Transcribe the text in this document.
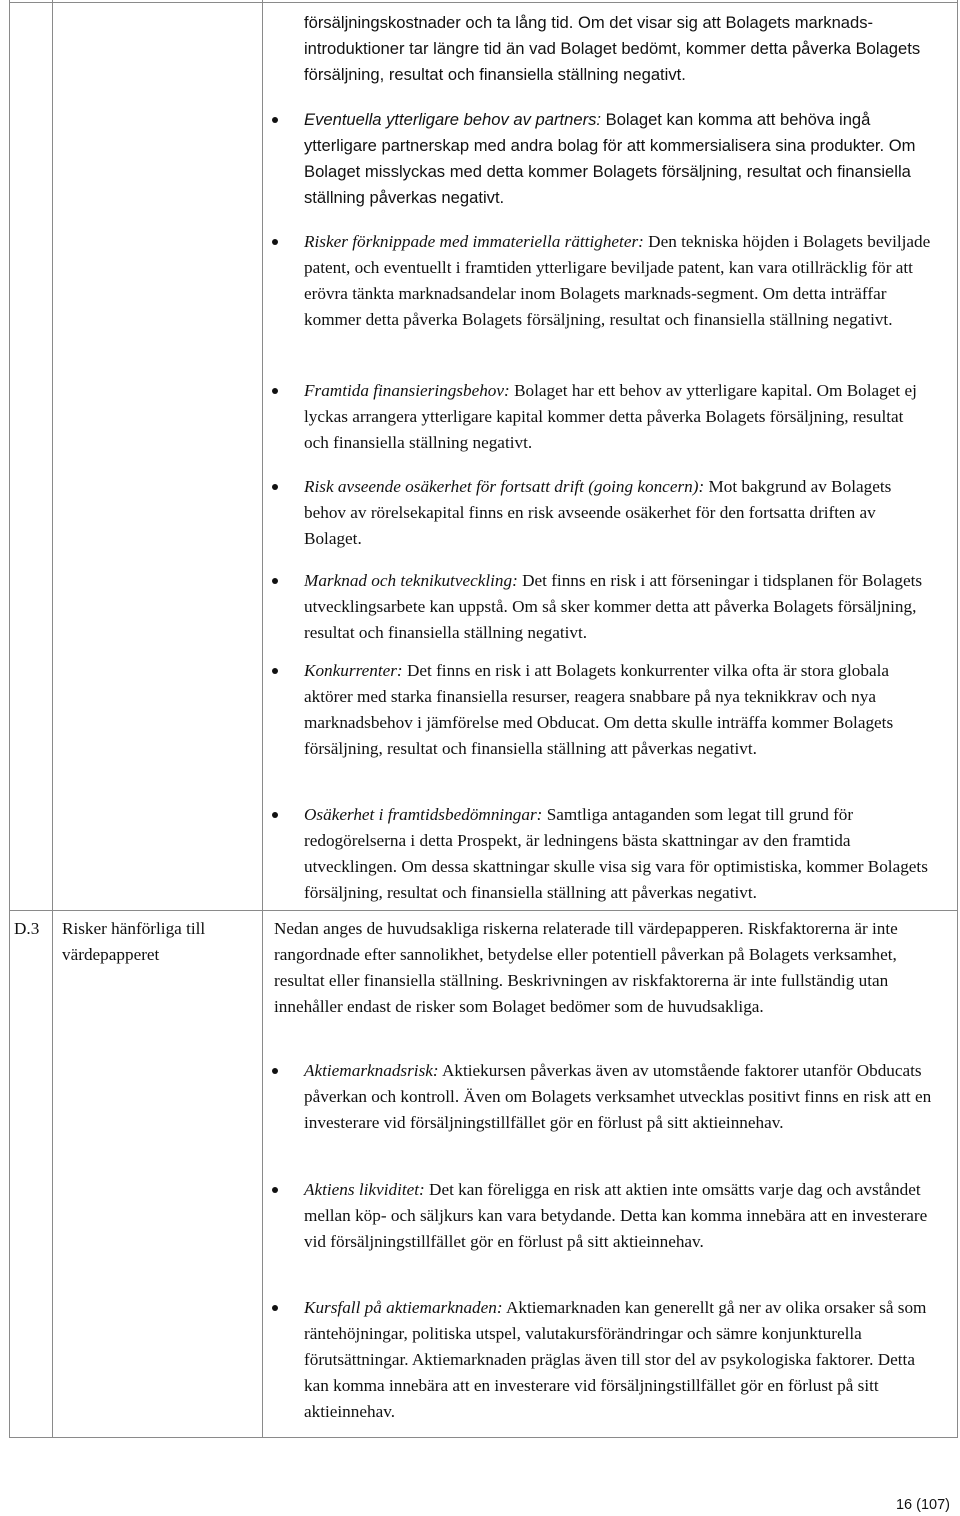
försäljningskostnader och ta lång tid. Om det visar sig att Bolagets marknads-introduktioner tar längre tid än vad Bolaget bedömt, kommer detta påverka Bolagets försäljning, resultat och finansiella ställning negativt.

Eventuella ytterligare behov av partners: Bolaget kan komma att behöva ingå ytterligare partnerskap med andra bolag för att kommersialisera sina produkter. Om Bolaget misslyckas med detta kommer Bolagets försäljning, resultat och finansiella ställning påverkas negativt.

Risker förknippade med immateriella rättigheter: Den tekniska höjden i Bolagets beviljade patent, och eventuellt i framtiden ytterligare beviljade patent, kan vara otillräcklig för att erövra tänkta marknadsandelar inom Bolagets marknads-segment. Om detta inträffar kommer detta påverka Bolagets försäljning, resultat och finansiella ställning negativt.

Framtida finansieringsbehov: Bolaget har ett behov av ytterligare kapital. Om Bolaget ej lyckas arrangera ytterligare kapital kommer detta påverka Bolagets försäljning, resultat och finansiella ställning negativt.

Risk avseende osäkerhet för fortsatt drift (going koncern): Mot bakgrund av Bolagets behov av rörelsekapital finns en risk avseende osäkerhet för den fortsatta driften av Bolaget.

Marknad och teknikutveckling: Det finns en risk i att förseningar i tidsplanen för Bolagets utvecklingsarbete kan uppstå. Om så sker kommer detta att påverka Bolagets försäljning, resultat och finansiella ställning negativt.

Konkurrenter: Det finns en risk i att Bolagets konkurrenter vilka ofta är stora globala aktörer med starka finansiella resurser, reagera snabbare på nya teknikkrav och nya marknadsbehov i jämförelse med Obducat. Om detta skulle inträffa kommer Bolagets försäljning, resultat och finansiella ställning att påverkas negativt.

Osäkerhet i framtidsbedömningar: Samtliga antaganden som legat till grund för redogörelserna i detta Prospekt, är ledningens bästa skattningar av den framtida utvecklingen. Om dessa skattningar skulle visa sig vara för optimistiska, kommer Bolagets försäljning, resultat och finansiella ställning att påverkas negativt.

D.3 Risker hänförliga till värdepapperet

Nedan anges de huvudsakliga riskerna relaterade till värdepapperen. Riskfaktorerna är inte rangordnade efter sannolikhet, betydelse eller potentiell påverkan på Bolagets verksamhet, resultat eller finansiella ställning. Beskrivningen av riskfaktorerna är inte fullständig utan innehåller endast de risker som Bolaget bedömer som de huvudsakliga.

Aktiemarknadsrisk: Aktiekursen påverkas även av utomstående faktorer utanför Obducats påverkan och kontroll. Även om Bolagets verksamhet utvecklas positivt finns en risk att en investerare vid försäljningstillfället gör en förlust på sitt aktieinnehav.

Aktiens likviditet: Det kan föreligga en risk att aktien inte omsätts varje dag och avståndet mellan köp- och säljkurs kan vara betydande. Detta kan komma innebära att en investerare vid försäljningstillfället gör en förlust på sitt aktieinnehav.

Kursfall på aktiemarknaden: Aktiemarknaden kan generellt gå ner av olika orsaker så som räntehöjningar, politiska utspel, valutakursförändringar och sämre konjunkturella förutsättningar. Aktiemarknaden präglas även till stor del av psykologiska faktorer. Detta kan komma innebära att en investerare vid försäljningstillfället gör en förlust på sitt aktieinnehav.

16 (107)
